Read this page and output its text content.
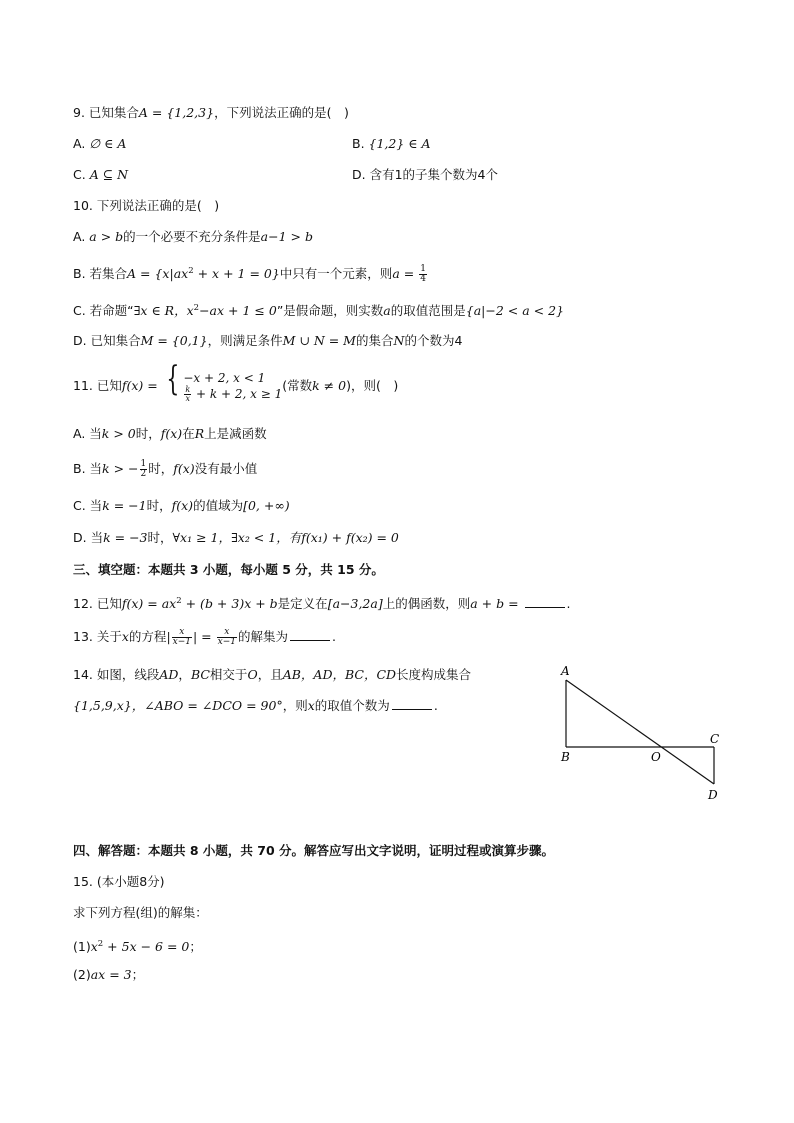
9. 已知集合A = {1,2,3}，下列说法正确的是(　)
A. ∅ ∈ A	B. {1,2} ∈ A
C. A ⊆ N	D. 含有1的子集个数为4个
10. 下列说法正确的是(　)
A. a > b的一个必要不充分条件是a−1 > b
B. 若集合$A = \{x|ax^2 + x + 1 = 0\}$中只有一个元素，则$a = \frac{1}{4}$
C. 若命题“∃x ∈ R，$x^2-ax + 1 \le 0$”是假命题，则实数a的取值范围是{a|−2 < a < 2}
D. 已知集合M = {0,1}，则满足条件M ∪ N = M的集合N的个数为4
11. 已知f(x) = { −x + 2, x < 1
$\frac{k}{x} + k + 2$, x ≥ 1
(常数k ≠ 0)，则(　)
A. 当k > 0时，f(x)在R上是减函数
B. 当k > − $\frac{1}{2}$ 时，f(x)没有最小值
C. 当k = −1时，f(x)的值域为[0, +∞)
D. 当k = −3时，∀x₁ ≥ 1，∃x₂ < 1，有f(x₁) + f(x₂) = 0
三、填空题：本题共 3 小题，每小题 5 分，共 15 分。
12. 已知$f(x) = ax^2 + (b + 3)x + b$是定义在[a−3,2a]上的偶函数，则a + b =	.
13. 关于x的方程| $\frac{x}{x-1}$ | = $\frac{x}{x-1}$ 的解集为	.
14. 如图，线段AD，BC相交于O，且AB，AD，BC，CD长度构成集合
{1,5,9,x}，∠ABO = ∠DCO = 90°，则x的取值个数为	.
A
B
C
D
O
四、解答题：本题共 8 小题，共 70 分。解答应写出文字说明，证明过程或演算步骤。
15. (本小题8分)
求下列方程(组)的解集：
$(1)x^2 + 5x - 6 = 0$；
(2)ax = 3；
